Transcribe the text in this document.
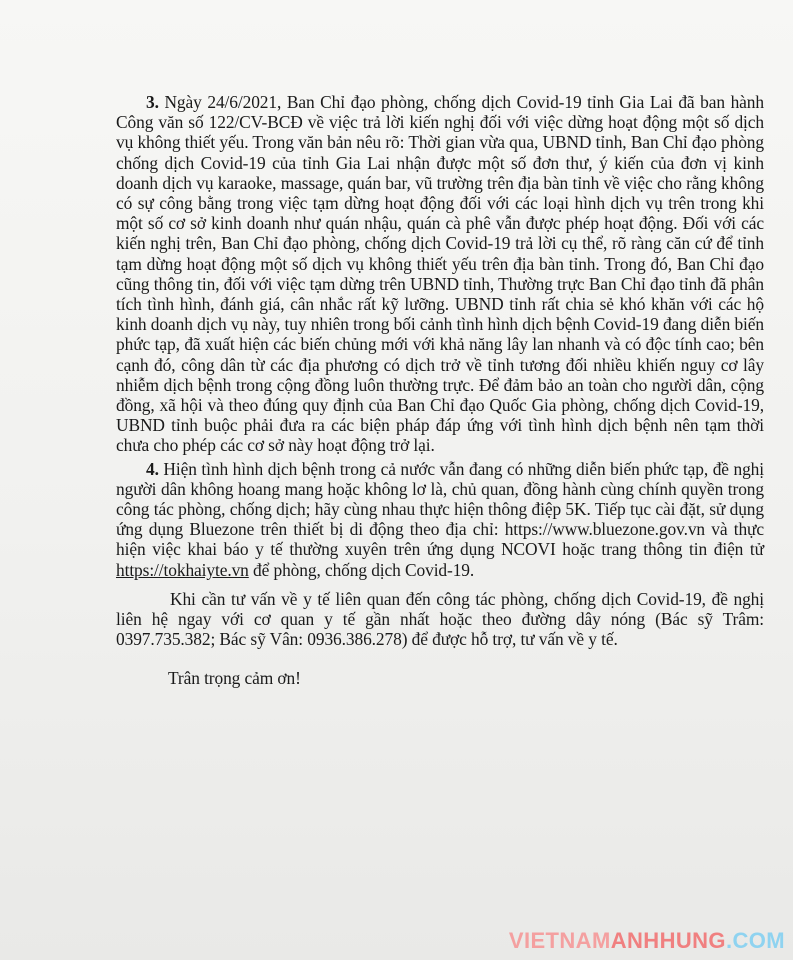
3. Ngày 24/6/2021, Ban Chỉ đạo phòng, chống dịch Covid-19 tỉnh Gia Lai đã ban hành Công văn số 122/CV-BCĐ về việc trả lời kiến nghị đối với việc dừng hoạt động một số dịch vụ không thiết yếu. Trong văn bản nêu rõ: Thời gian vừa qua, UBND tỉnh, Ban Chỉ đạo phòng chống dịch Covid-19 của tỉnh Gia Lai nhận được một số đơn thư, ý kiến của đơn vị kinh doanh dịch vụ karaoke, massage, quán bar, vũ trường trên địa bàn tỉnh về việc cho rằng không có sự công bằng trong việc tạm dừng hoạt động đối với các loại hình dịch vụ trên trong khi một số cơ sở kinh doanh như quán nhậu, quán cà phê vẫn được phép hoạt động. Đối với các kiến nghị trên, Ban Chỉ đạo phòng, chống dịch Covid-19 trả lời cụ thể, rõ ràng căn cứ để tỉnh tạm dừng hoạt động một số dịch vụ không thiết yếu trên địa bàn tỉnh. Trong đó, Ban Chỉ đạo cũng thông tin, đối với việc tạm dừng trên UBND tỉnh, Thường trực Ban Chỉ đạo tỉnh đã phân tích tình hình, đánh giá, cân nhắc rất kỹ lưỡng. UBND tỉnh rất chia sẻ khó khăn với các hộ kinh doanh dịch vụ này, tuy nhiên trong bối cảnh tình hình dịch bệnh Covid-19 đang diễn biến phức tạp, đã xuất hiện các biến chủng mới với khả năng lây lan nhanh và có độc tính cao; bên cạnh đó, công dân từ các địa phương có dịch trở về tỉnh tương đối nhiều khiến nguy cơ lây nhiễm dịch bệnh trong cộng đồng luôn thường trực. Để đảm bảo an toàn cho người dân, cộng đồng, xã hội và theo đúng quy định của Ban Chỉ đạo Quốc Gia phòng, chống dịch Covid-19, UBND tỉnh buộc phải đưa ra các biện pháp đáp ứng với tình hình dịch bệnh nên tạm thời chưa cho phép các cơ sở này hoạt động trở lại.

4. Hiện tình hình dịch bệnh trong cả nước vẫn đang có những diễn biến phức tạp, đề nghị người dân không hoang mang hoặc không lơ là, chủ quan, đồng hành cùng chính quyền trong công tác phòng, chống dịch; hãy cùng nhau thực hiện thông điệp 5K. Tiếp tục cài đặt, sử dụng ứng dụng Bluezone trên thiết bị di động theo địa chỉ: https://www.bluezone.gov.vn và thực hiện việc khai báo y tế thường xuyên trên ứng dụng NCOVI hoặc trang thông tin điện tử https://tokhaiyte.vn để phòng, chống dịch Covid-19.

Khi cần tư vấn về y tế liên quan đến công tác phòng, chống dịch Covid-19, đề nghị liên hệ ngay với cơ quan y tế gần nhất hoặc theo đường dây nóng (Bác sỹ Trâm: 0397.735.382; Bác sỹ Vân: 0936.386.278) để được hỗ trợ, tư vấn về y tế.

Trân trọng cảm ơn!

VIETNAMANHHUNG.COM
